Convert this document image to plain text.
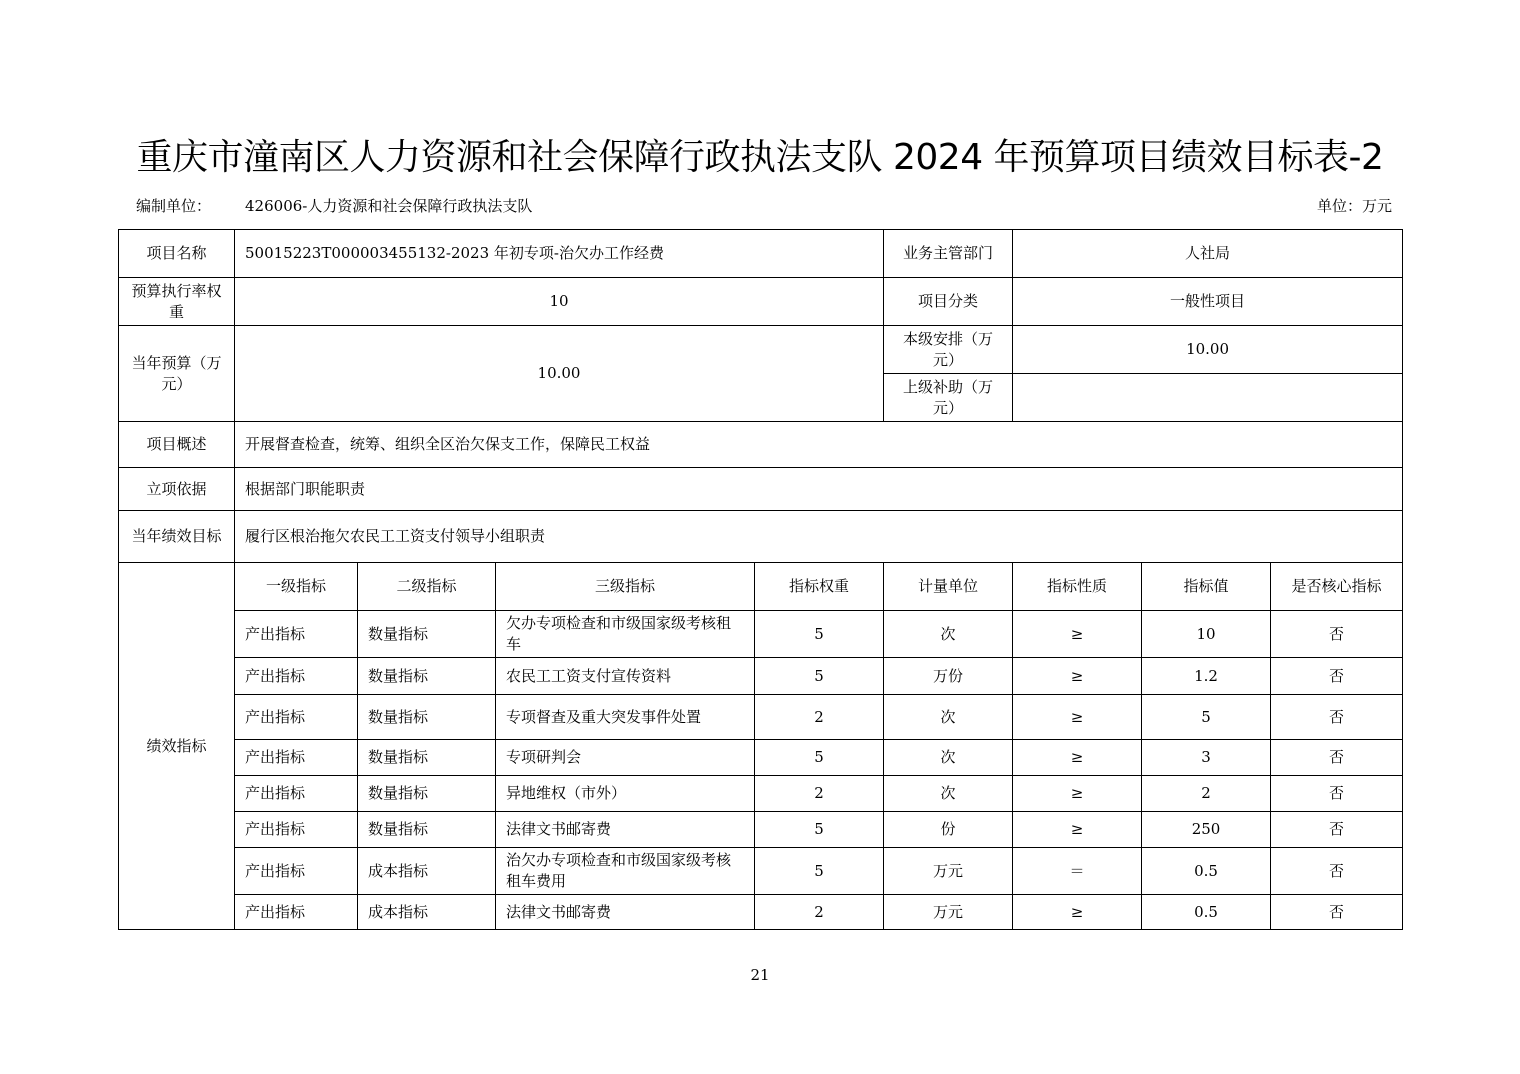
重庆市潼南区人力资源和社会保障行政执法支队 2024 年预算项目绩效目标表-2
编制单位： 426006-人力资源和社会保障行政执法支队	单位：万元
项目名称	50015223T000003455132-2023 年初专项-治欠办工作经费				业务主管部门	人社局		
预算执行率权重	10				项目分类	一般性项目		
当年预算（万元）	10.00				本级安排（万元）	10.00		
					上级补助（万元）			
项目概述	开展督查检查，统筹、组织全区治欠保支工作，保障民工权益							
立项依据	根据部门职能职责							
当年绩效目标	履行区根治拖欠农民工工资支付领导小组职责							
绩效指标	一级指标	二级指标	三级指标	指标权重	计量单位	指标性质	指标值	是否核心指标
	产出指标	数量指标	欠办专项检查和市级国家级考核租车	5	次	≥	10	否
	产出指标	数量指标	农民工工资支付宣传资料	5	万份	≥	1.2	否
	产出指标	数量指标	专项督查及重大突发事件处置	2	次	≥	5	否
	产出指标	数量指标	专项研判会	5	次	≥	3	否
	产出指标	数量指标	异地维权（市外）	2	次	≥	2	否
	产出指标	数量指标	法律文书邮寄费	5	份	≥	250	否
	产出指标	成本指标	治欠办专项检查和市级国家级考核租车费用	5	万元	＝	0.5	否
	产出指标	成本指标	法律文书邮寄费	2	万元	≥	0.5	否
21
